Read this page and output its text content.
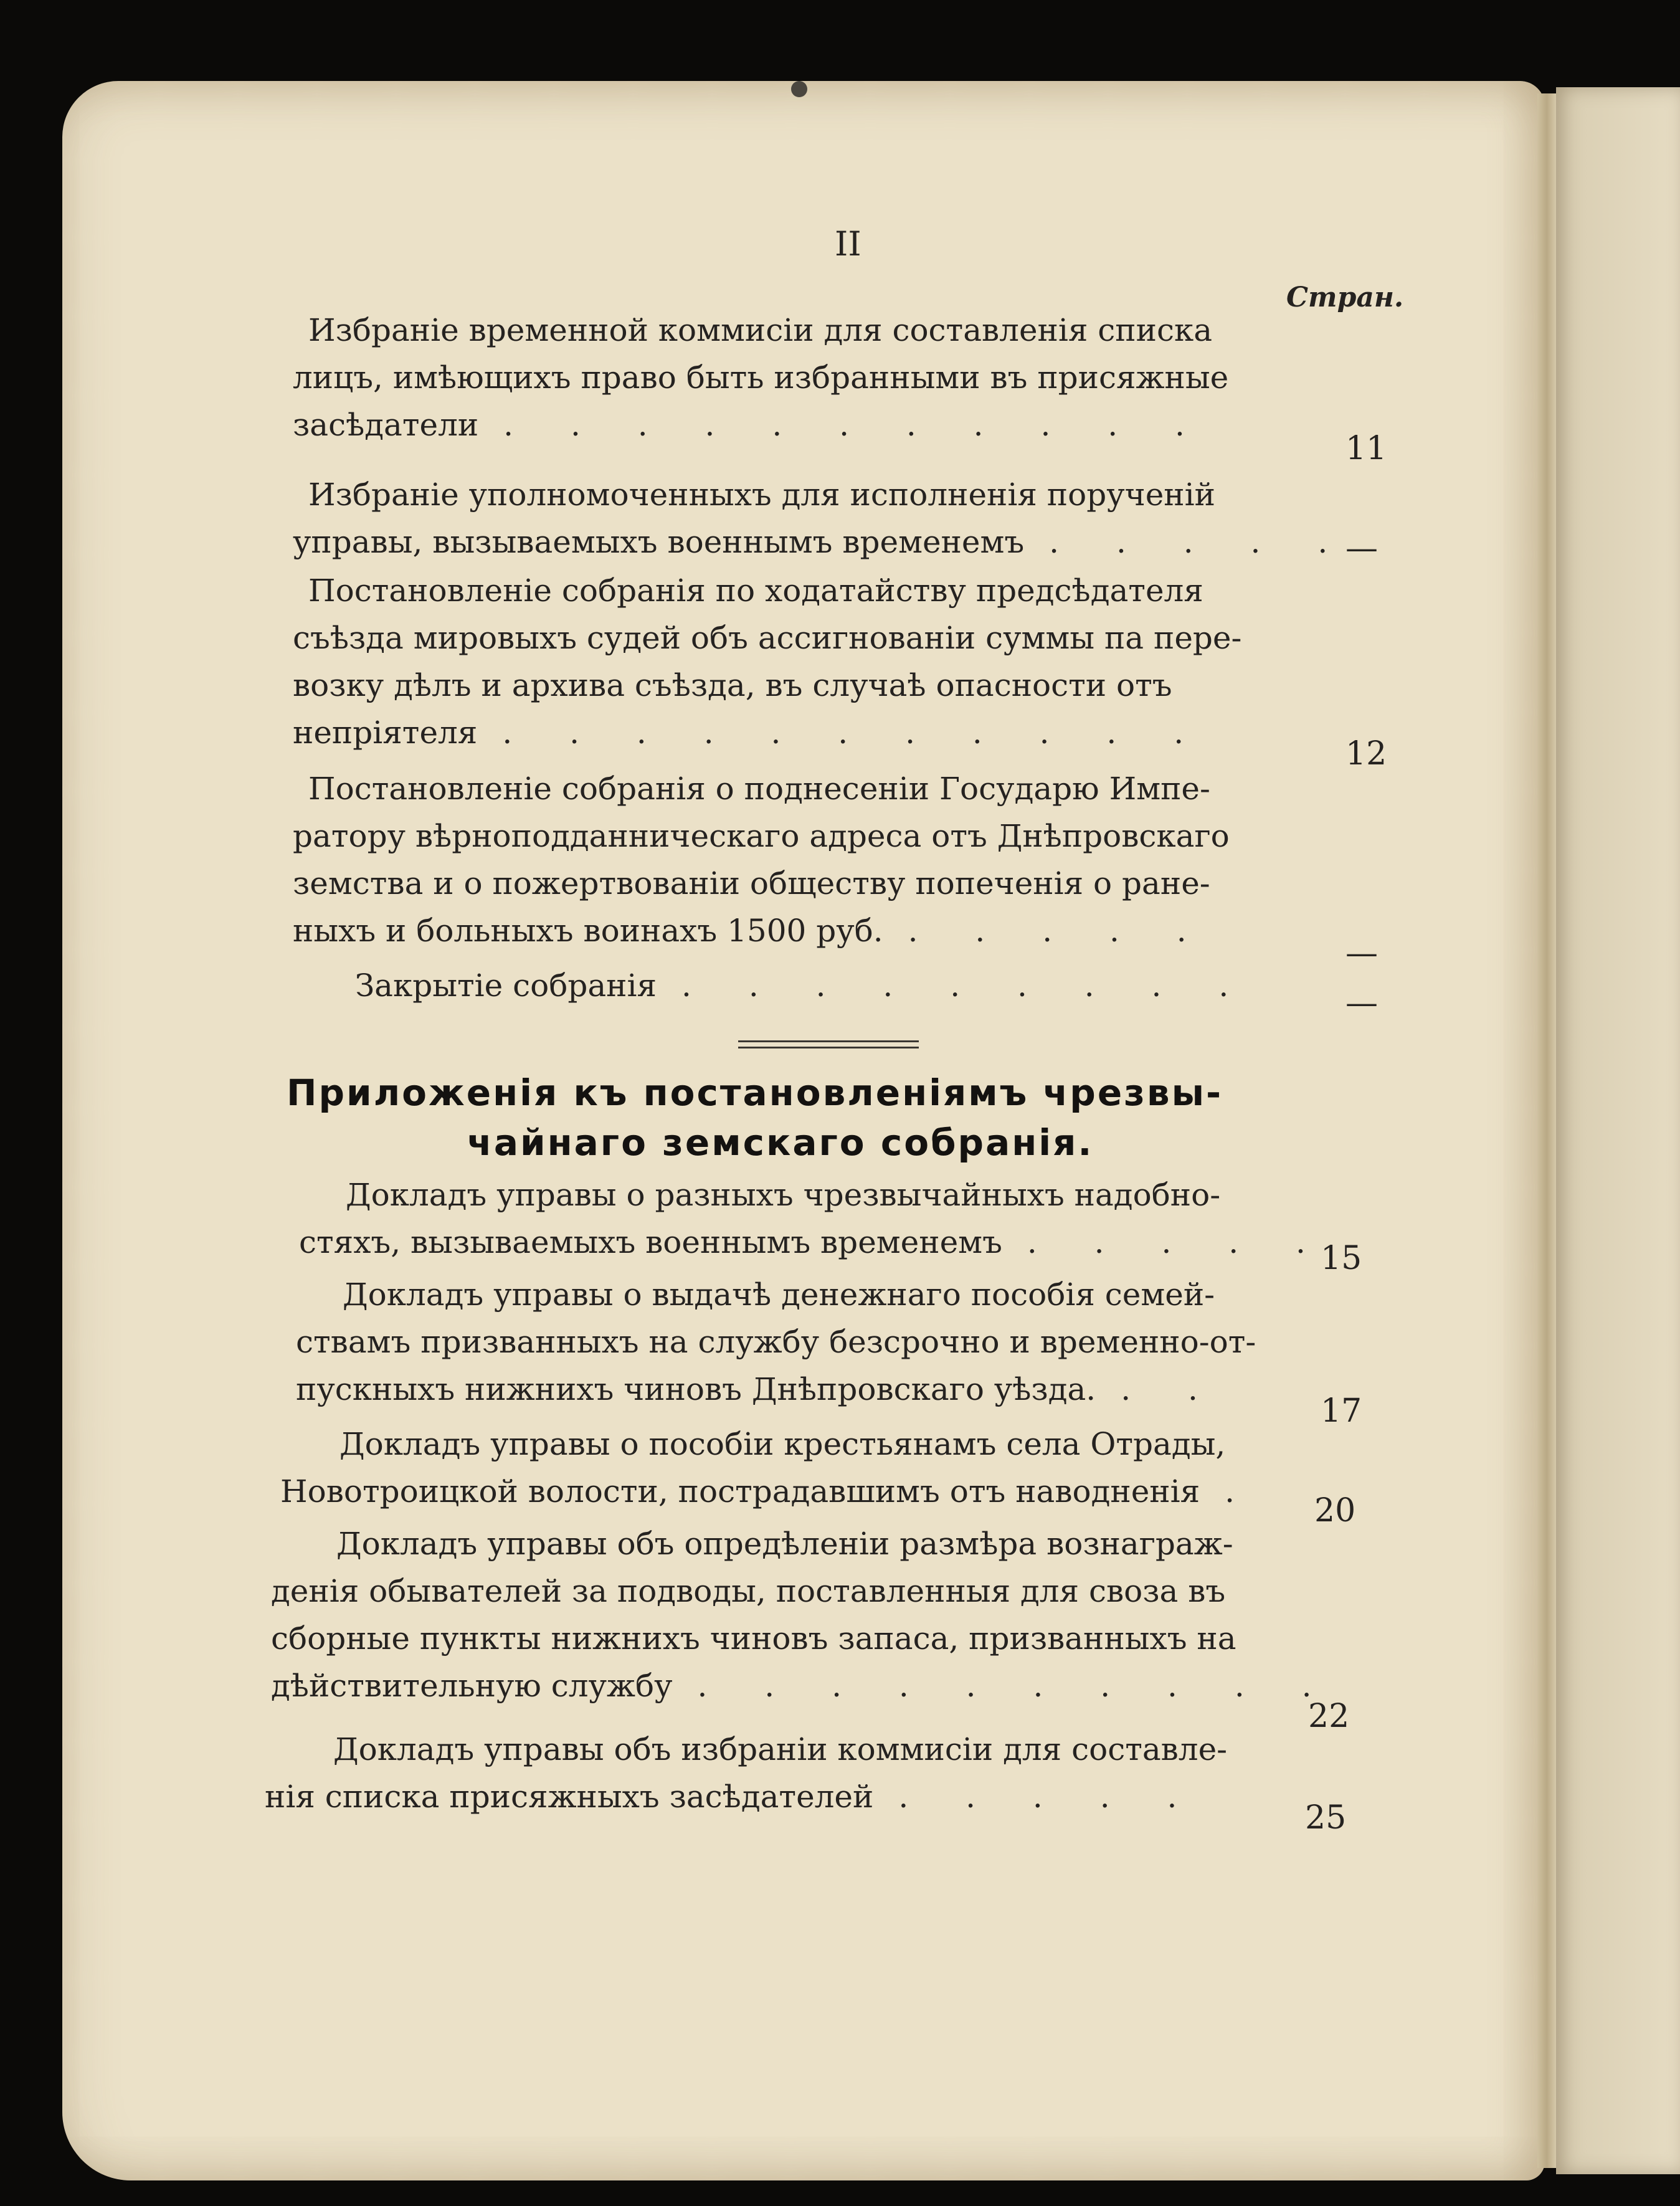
II
Стран.
Избраніе временной коммисіи для составленія списка
лицъ, имѣющихъ право быть избранными въ присяжные
засѣдатели . . . . . . . . . . .
11
Избраніе уполномоченныхъ для исполненія порученій
управы, вызываемыхъ военнымъ временемъ . . . . .
—
Постановленіе собранія по ходатайству предсѣдателя
съѣзда мировыхъ судей объ ассигнованіи суммы па пере-
возку дѣлъ и архива съѣзда, въ случаѣ опасности отъ
непріятеля . . . . . . . . . . .
12
Постановленіе собранія о поднесеніи Государю Импе-
ратору вѣрноподданническаго адреса отъ Днѣпровскаго
земства и о пожертвованіи обществу попеченія о ране-
ныхъ и больныхъ воинахъ 1500 руб. . . . . .
—
Закрытіе собранія . . . . . . . . .	—
Приложенія къ постановленіямъ чрезвы-
чайнаго земскаго собранія.
Докладъ управы о разныхъ чрезвычайныхъ надобно-
стяхъ, вызываемыхъ военнымъ временемъ . . . . .
15
Докладъ управы о выдачѣ денежнаго пособія семей-
ствамъ призванныхъ на службу безсрочно и временно-от-
пускныхъ нижнихъ чиновъ Днѣпровскаго уѣзда. . .
17
Докладъ управы о пособіи крестьянамъ села Отрады,
Новотроицкой волости, пострадавшимъ отъ наводненія .
20
Докладъ управы объ опредѣленіи размѣра вознаграж-
денія обывателей за подводы, поставленныя для своза въ
сборные пункты нижнихъ чиновъ запаса, призванныхъ на
дѣйствительную службу . . . . . . . . . .
22
Докладъ управы объ избраніи коммисіи для составле-
нія списка присяжныхъ засѣдателей . . . . .
25
